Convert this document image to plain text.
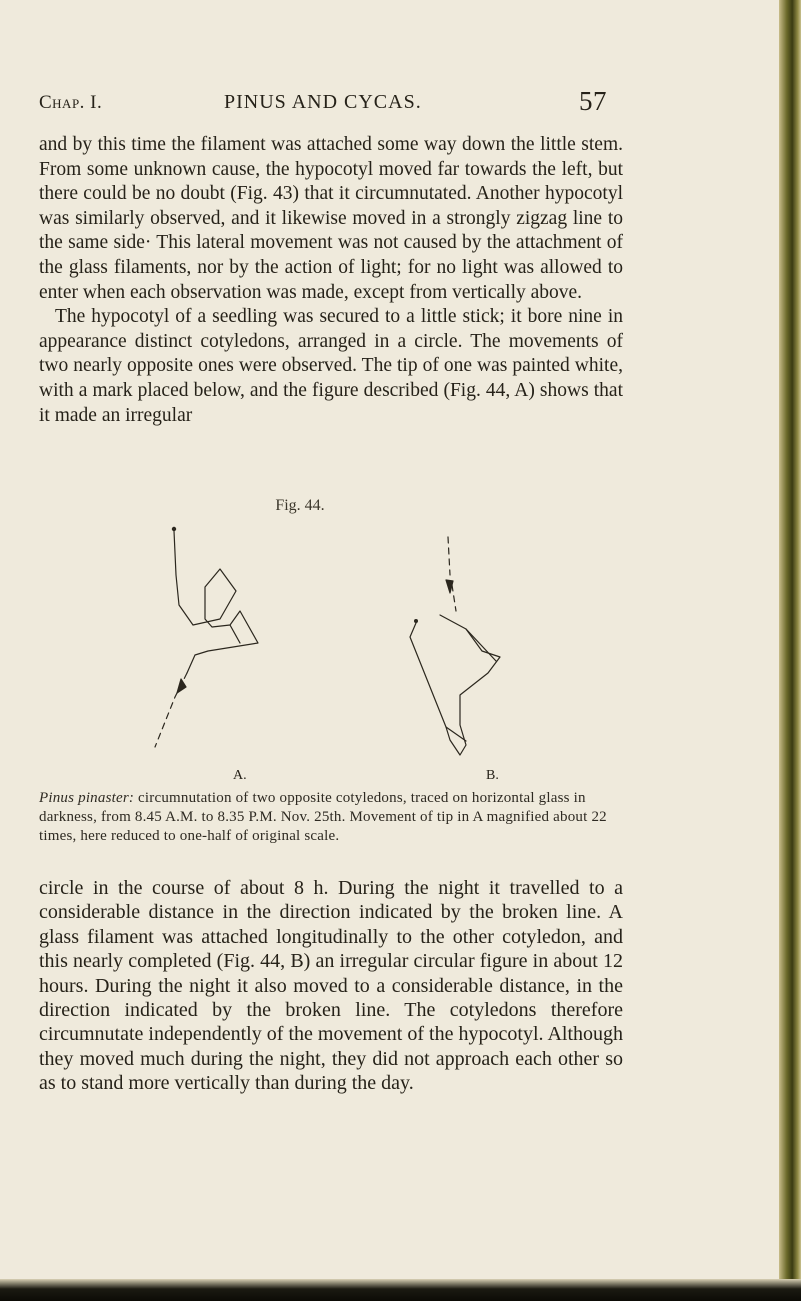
Chap. I.	PINUS AND CYCAS.	57

and by this time the filament was attached some way down the little stem. From some unknown cause, the hypocotyl moved far towards the left, but there could be no doubt (Fig. 43) that it circumnutated. Another hypocotyl was similarly observed, and it likewise moved in a strongly zigzag line to the same side· This lateral movement was not caused by the attachment of the glass filaments, nor by the action of light; for no light was allowed to enter when each observation was made, except from vertically above.

The hypocotyl of a seedling was secured to a little stick; it bore nine in appearance distinct cotyledons, arranged in a circle. The movements of two nearly opposite ones were observed. The tip of one was painted white, with a mark placed below, and the figure described (Fig. 44, A) shows that it made an irregular

Fig. 44.
A.	B.

Pinus pinaster: circumnutation of two opposite cotyledons, traced on horizontal glass in darkness, from 8.45 A.M. to 8.35 P.M. Nov. 25th. Movement of tip in A magnified about 22 times, here reduced to one-half of original scale.

circle in the course of about 8 h. During the night it travelled to a considerable distance in the direction indicated by the broken line. A glass filament was attached longitudinally to the other cotyledon, and this nearly completed (Fig. 44, B) an irregular circular figure in about 12 hours. During the night it also moved to a considerable distance, in the direction indicated by the broken line. The cotyledons therefore circumnutate independently of the movement of the hypocotyl. Although they moved much during the night, they did not approach each other so as to stand more vertically than during the day.
